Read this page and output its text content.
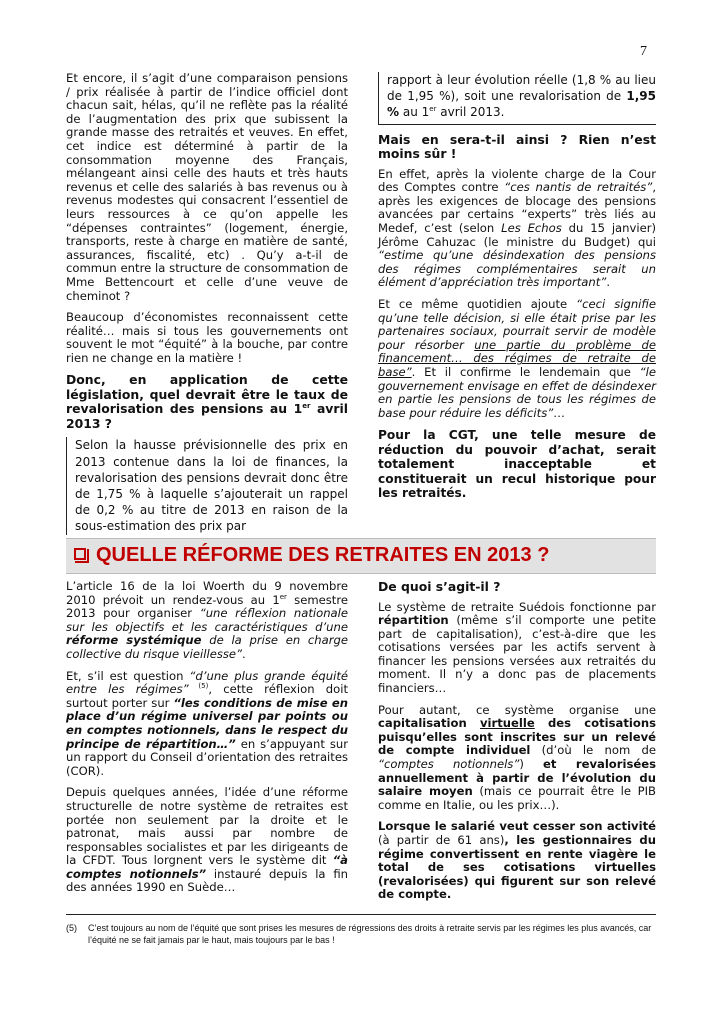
7

Et encore, il s’agit d’une comparaison pensions / prix réalisée à partir de l’indice officiel dont chacun sait, hélas, qu’il ne reflète pas la réalité de l’augmentation des prix que subissent la grande masse des retraités et veuves. En effet, cet indice est déterminé à partir de la consommation moyenne des Français, mélangeant ainsi celle des hauts et très hauts revenus et celle des salariés à bas revenus ou à revenus modestes qui consacrent l’essentiel de leurs ressources à ce qu’on appelle les “dépenses contraintes” (logement, énergie, transports, reste à charge en matière de santé, assurances, fiscalité, etc) . Qu’y a-t-il de commun entre la structure de consommation de Mme Bettencourt et celle d’une veuve de cheminot ?

Beaucoup d’économistes reconnaissent cette réalité… mais si tous les gouvernements ont souvent le mot “équité” à la bouche, par contre rien ne change en la matière !

Donc, en application de cette législation, quel devrait être le taux de revalorisation des pensions au 1er avril 2013 ?

Selon la hausse prévisionnelle des prix en 2013 contenue dans la loi de finances, la revalorisation des pensions devrait donc être de 1,75 % à laquelle s’ajouterait un rappel de 0,2 % au titre de 2013 en raison de la sous-estimation des prix par

rapport à leur évolution réelle (1,8 % au lieu de 1,95 %), soit une revalorisation de 1,95 % au 1er avril 2013.

Mais en sera-t-il ainsi ? Rien n’est moins sûr !

En effet, après la violente charge de la Cour des Comptes contre “ces nantis de retraités”, après les exigences de blocage des pensions avancées par certains “experts” très liés au Medef, c’est (selon Les Echos du 15 janvier) Jérôme Cahuzac (le ministre du Budget) qui “estime qu’une désindexation des pensions des régimes complémentaires serait un élément d’appréciation très important”.

Et ce même quotidien ajoute “ceci signifie qu’une telle décision, si elle était prise par les partenaires sociaux, pourrait servir de modèle pour résorber une partie du problème de financement… des régimes de retraite de base”. Et il confirme le lendemain que “le gouvernement envisage en effet de désindexer en partie les pensions de tous les régimes de base pour réduire les déficits”…

Pour la CGT, une telle mesure de réduction du pouvoir d’achat, serait totalement inacceptable et constituerait un recul historique pour les retraités.

QUELLE RÉFORME DES RETRAITES EN 2013 ?

L’article 16 de la loi Woerth du 9 novembre 2010 prévoit un rendez-vous au 1er semestre 2013 pour organiser “une réflexion nationale sur les objectifs et les caractéristiques d’une réforme systémique de la prise en charge collective du risque vieillesse”.

Et, s’il est question “d’une plus grande équité entre les régimes” $^{(5)}$, cette réflexion doit surtout porter sur “les conditions de mise en place d’un régime universel par points ou en comptes notionnels, dans le respect du principe de répartition…” en s’appuyant sur un rapport du Conseil d’orientation des retraites (COR).

Depuis quelques années, l’idée d’une réforme structurelle de notre système de retraites est portée non seulement par la droite et le patronat, mais aussi par nombre de responsables socialistes et par les dirigeants de la CFDT. Tous lorgnent vers le système dit “à comptes notionnels” instauré depuis la fin des années 1990 en Suède…

De quoi s’agit-il ?

Le système de retraite Suédois fonctionne par répartition (même s’il comporte une petite part de capitalisation), c’est-à-dire que les cotisations versées par les actifs servent à financer les pensions versées aux retraités du moment. Il n’y a donc pas de placements financiers…

Pour autant, ce système organise une capitalisation virtuelle des cotisations puisqu’elles sont inscrites sur un relevé de compte individuel (d’où le nom de “comptes notionnels”) et revalorisées annuellement à partir de l’évolution du salaire moyen (mais ce pourrait être le PIB comme en Italie, ou les prix…).

Lorsque le salarié veut cesser son activité (à partir de 61 ans), les gestionnaires du régime convertissent en rente viagère le total de ses cotisations virtuelles (revalorisées) qui figurent sur son relevé de compte.

(5) C’est toujours au nom de l’équité que sont prises les mesures de régressions des droits à retraite servis par les régimes les plus avancés, car l’équité ne se fait jamais par le haut, mais toujours par le bas !
